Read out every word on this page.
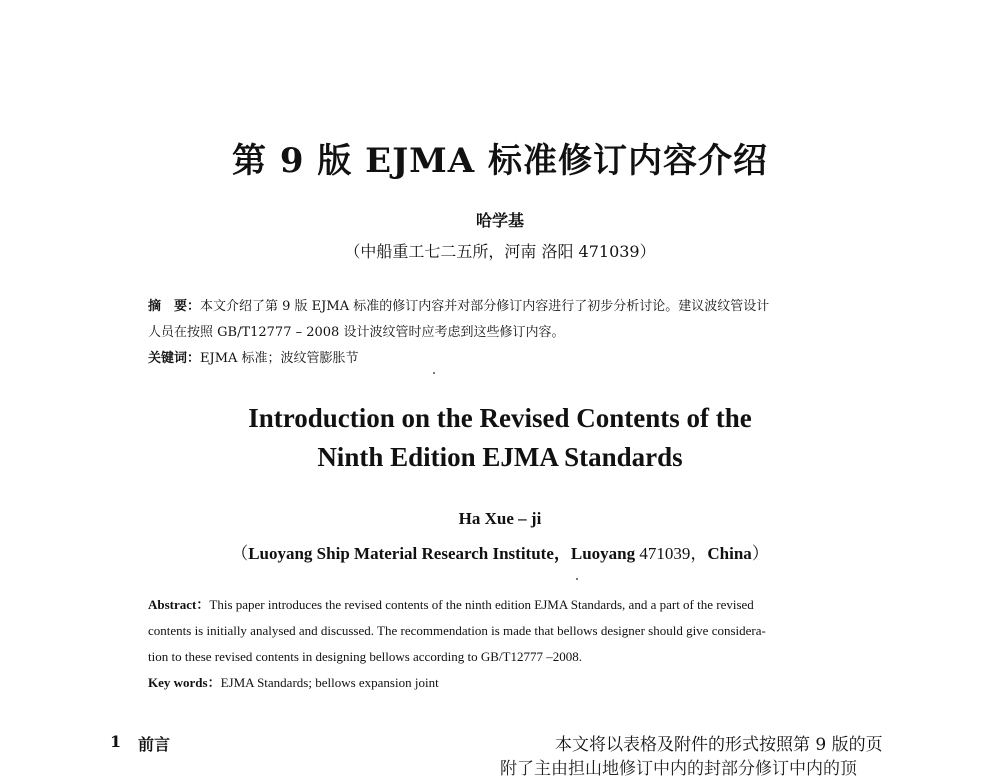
第 9 版 EJMA 标准修订内容介绍
哈学基
（中船重工七二五所，河南 洛阳 471039）
摘　要：本文介绍了第 9 版 EJMA 标准的修订内容并对部分修订内容进行了初步分析讨论。建议波纹管设计
人员在按照 GB/T12777 – 2008 设计波纹管时应考虑到这些修订内容。
关键词：EJMA 标准；波纹管膨胀节
Introduction on the Revised Contents of the
Ninth Edition EJMA Standards
Ha Xue – ji
（Luoyang Ship Material Research Institute，Luoyang 471039，China）
Abstract：This paper introduces the revised contents of the ninth edition EJMA Standards, and a part of the revised
contents is initially analysed and discussed. The recommendation is made that bellows designer should give considera-
tion to these revised contents in designing bellows according to GB/T12777 –2008.
Key words：EJMA Standards; bellows expansion joint
1 前言	本文将以表格及附件的形式按照第 9 版的页
附了主由担山地修订中内的封部分修订中内的顶
